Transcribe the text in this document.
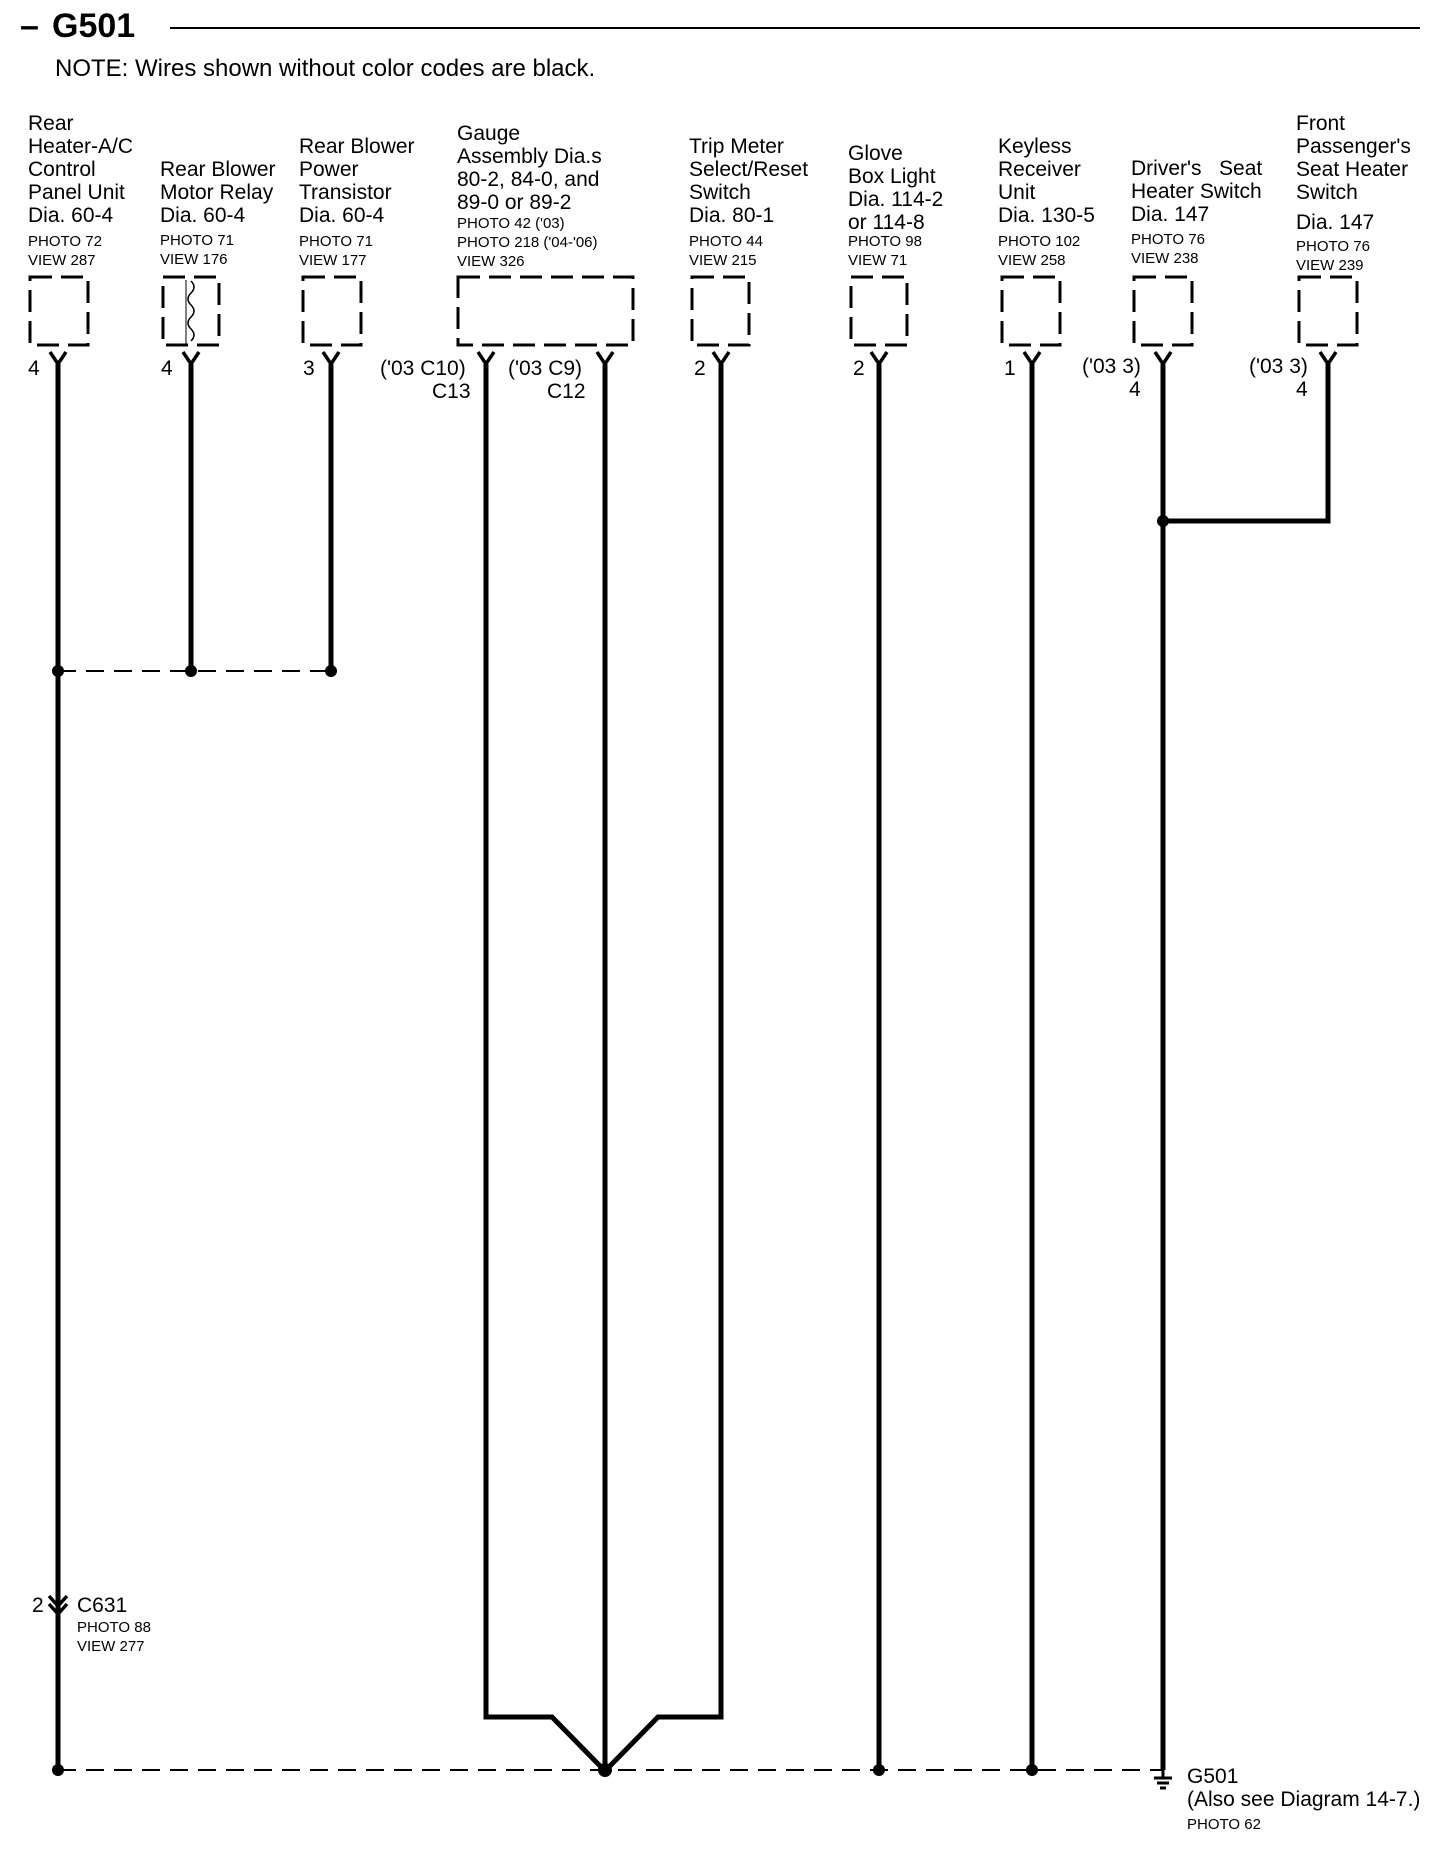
– G501
NOTE: Wires shown without color codes are black.
Rear Heater-A/C Control Panel Unit Dia. 60-4
PHOTO 72 VIEW 287
4
Rear Blower Motor Relay Dia. 60-4
PHOTO 71 VIEW 176
4
Rear Blower Power Transistor Dia. 60-4
PHOTO 71 VIEW 177
3
Gauge Assembly Dia.s 80-2, 84-0, and 89-0 or 89-2
PHOTO 42 ('03) PHOTO 218 ('04-'06) VIEW 326
('03 C10)
C13
('03 C9)
C12
Trip Meter Select/Reset Switch Dia. 80-1
PHOTO 44 VIEW 215
2
Glove Box Light Dia. 114-2 or 114-8
PHOTO 98 VIEW 71
2
Keyless Receiver Unit Dia. 130-5
PHOTO 102 VIEW 258
1
Driver's   Seat Heater Switch Dia. 147
PHOTO 76 VIEW 238
('03 3)
4
Front Passenger's Seat Heater Switch Dia. 147
PHOTO 76 VIEW 239
('03 3)
4
2 C631
PHOTO 88 VIEW 277
G501
(Also see Diagram 14-7.)
PHOTO 62
